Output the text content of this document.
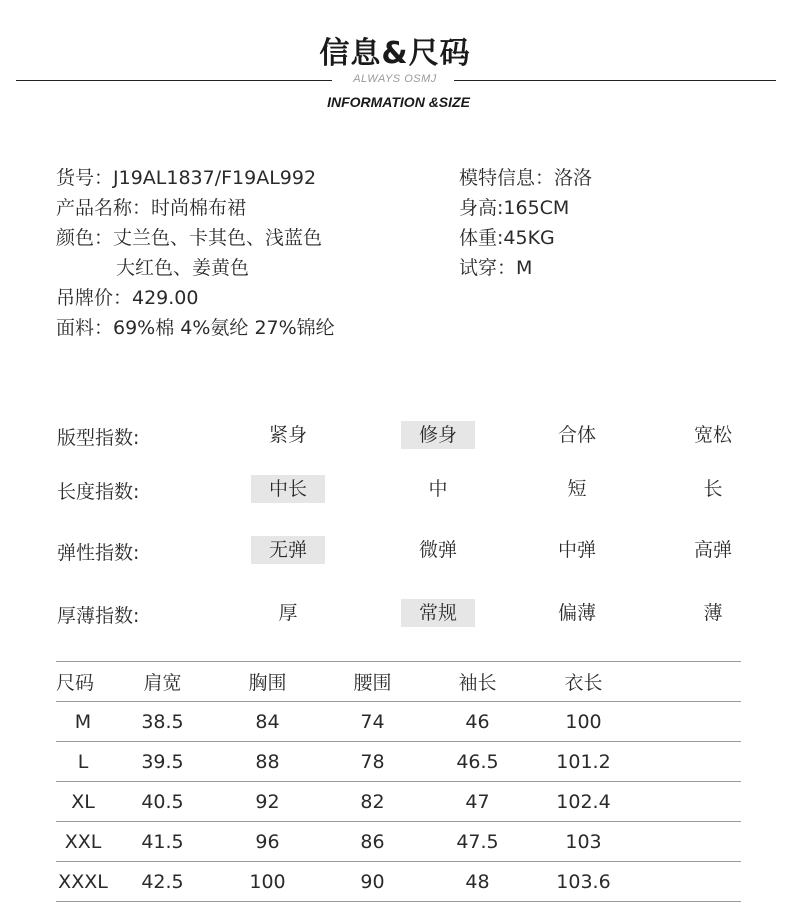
信息&尺码
ALWAYS OSMJ
INFORMATION &SIZE
货号：J19AL1837/F19AL992
产品名称：时尚棉布裙
颜色：丈兰色、卡其色、浅蓝色
大红色、姜黄色
吊牌价：429.00
面料：69%棉 4%氨纶 27%锦纶
模特信息：洛洛
身高:165CM
体重:45KG
试穿：M
版型指数:	紧身	修身	合体	宽松
长度指数:	中长	中	短	长
弹性指数:	无弹	微弹	中弹	高弹
厚薄指数:	厚	常规	偏薄	薄
尺码	肩宽	胸围	腰围	袖长	衣长	
M	38.5	84	74	46	100	
L	39.5	88	78	46.5	101.2	
XL	40.5	92	82	47	102.4	
XXL	41.5	96	86	47.5	103	
XXXL	42.5	100	90	48	103.6	
